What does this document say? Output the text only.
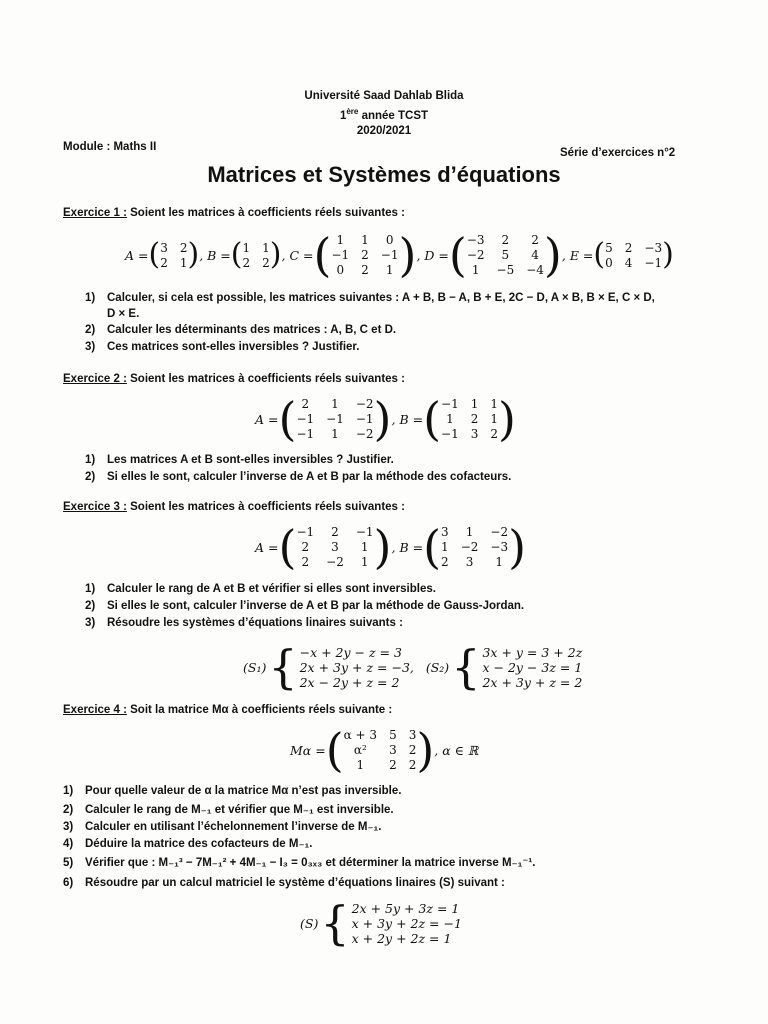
Université Saad Dahlab Blida
1ère année TCST
2020/2021
Module : Maths II	Série d’exercices n°2
Matrices et Systèmes d’équations
Exercice 1 : Soient les matrices à coefficients réels suivantes :
A = ( 3 2
2 1 ) , B = ( 1 1
2 2 ) , C = ( 1	1	0
−1 2 −1
0	2	1 ) , D = ( −3	2	2
−2	5	4
1	−5 −4 ) , E = ( 5 2 −3
0 4 −1 )
1) Calculer, si cela est possible, les matrices suivantes : A + B, B − A, B + E, 2C − D, A × B, B × E, C × D,
D × E.
2) Calculer les déterminants des matrices : A, B, C et D.
3) Ces matrices sont-elles inversibles ? Justifier.
Exercice 2 : Soient les matrices à coefficients réels suivantes :
A = ( 2	1	−2
−1 −1 −1
−1	1	−2 ) , B = ( −1 1 1
1	2 1
−1 3 2 )
1) Les matrices A et B sont-elles inversibles ? Justifier.
2) Si elles le sont, calculer l’inverse de A et B par la méthode des cofacteurs.
Exercice 3 : Soient les matrices à coefficients réels suivantes :
A = ( −1	2	−1
2	3	1
2	−2	1 ) , B = ( 3	1	−2
1 −2 −3
2	3	1 )
1) Calculer le rang de A et B et vérifier si elles sont inversibles.
2) Si elles le sont, calculer l’inverse de A et B par la méthode de Gauss-Jordan.
3) Résoudre les systèmes d’équations linaires suivants :
(S₁) { −x + 2y − z = 3
2x + 3y + z = −3,
2x − 2y + z = 2

(S₂) { 3x + y = 3 + 2z
x − 2y − 3z = 1
2x + 3y + z = 2
Exercice 4 : Soit la matrice Mα à coefficients réels suivante :
Mα = ( α + 3 5 3
α²	3 2
1	2 2 ) , α ∈ ℝ
1) Pour quelle valeur de α la matrice Mα n’est pas inversible.
2) Calculer le rang de M₋₁ et vérifier que M₋₁ est inversible.
3) Calculer en utilisant l’échelonnement l’inverse de M₋₁.
4) Déduire la matrice des cofacteurs de M₋₁.
5) Vérifier que : M₋₁³ − 7M₋₁² + 4M₋₁ − I₃ = 0₃ₓ₃ et déterminer la matrice inverse M₋₁⁻¹.
6) Résoudre par un calcul matriciel le système d’équations linaires (S) suivant :
(S) { 2x + 5y + 3z = 1
x + 3y + 2z = −1
x + 2y + 2z = 1
